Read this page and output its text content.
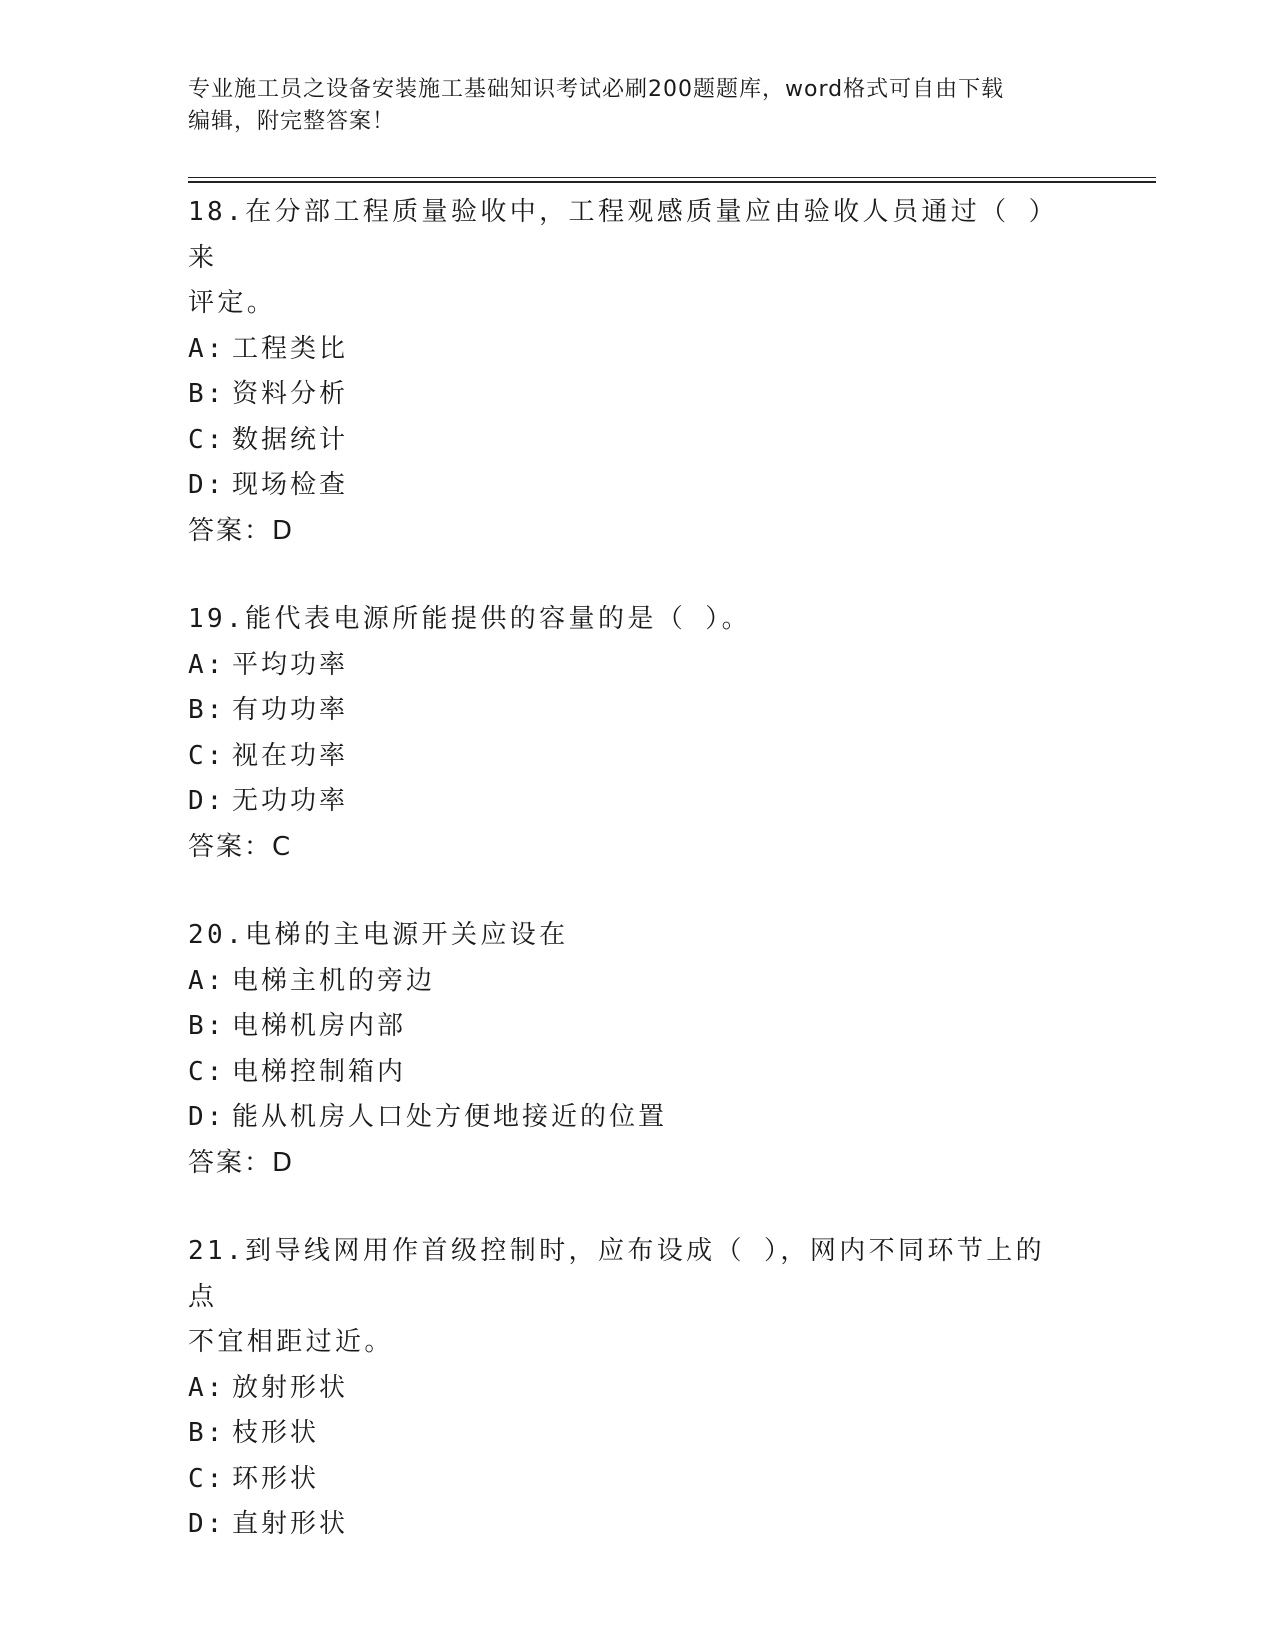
专业施工员之设备安装施工基础知识考试必刷200题题库，word格式可自由下载
编辑，附完整答案！
18.在分部工程质量验收中，工程观感质量应由验收人员通过（ ）来
评定。
A: 工程类比
B: 资料分析
C: 数据统计
D: 现场检查
答案：D
19.能代表电源所能提供的容量的是（ ）。
A: 平均功率
B: 有功功率
C: 视在功率
D: 无功功率
答案：C
20.电梯的主电源开关应设在
A: 电梯主机的旁边
B: 电梯机房内部
C: 电梯控制箱内
D: 能从机房人口处方便地接近的位置
答案：D
21.到导线网用作首级控制时，应布设成（ ），网内不同环节上的点
不宜相距过近。
A: 放射形状
B: 枝形状
C: 环形状
D: 直射形状
